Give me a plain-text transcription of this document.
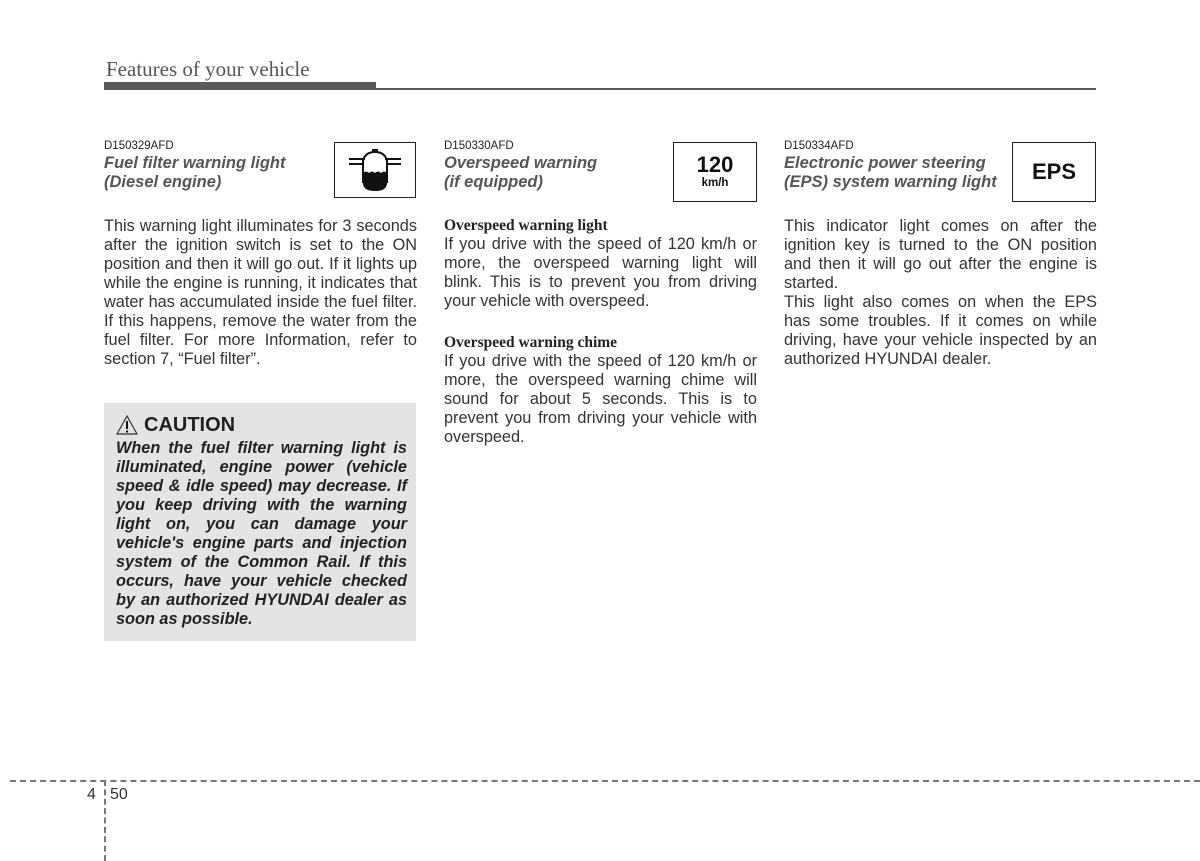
Features of your vehicle
D150329AFD
Fuel filter warning light
(Diesel engine)

This warning light illuminates for 3 seconds after the ignition switch is set to the ON position and then it will go out. If it lights up while the engine is running, it indicates that water has accumulated inside the fuel filter. If this happens, remove the water from the fuel filter. For more Information, refer to section 7, “Fuel filter”.

CAUTION

When the fuel filter warning light is illuminated, engine power (vehicle speed & idle speed) may decrease. If you keep driving with the warning light on, you can damage your vehicle's engine parts and injection system of the Common Rail. If this occurs, have your vehicle checked by an authorized HYUNDAI dealer as soon as possible.

D150330AFD
Overspeed warning
(if equipped)
120
km/h

Overspeed warning light

If you drive with the speed of 120 km/h or more, the overspeed warning light will blink. This is to prevent you from driving your vehicle with overspeed.

Overspeed warning chime

If you drive with the speed of 120 km/h or more, the overspeed warning chime will sound for about 5 seconds. This is to prevent you from driving your vehicle with overspeed.

D150334AFD
Electronic power steering
(EPS) system warning light	EPS

This indicator light comes on after the ignition key is turned to the ON position and then it will go out after the engine is started.

This light also comes on when the EPS has some troubles. If it comes on while driving, have your vehicle inspected by an authorized HYUNDAI dealer.

4 50
